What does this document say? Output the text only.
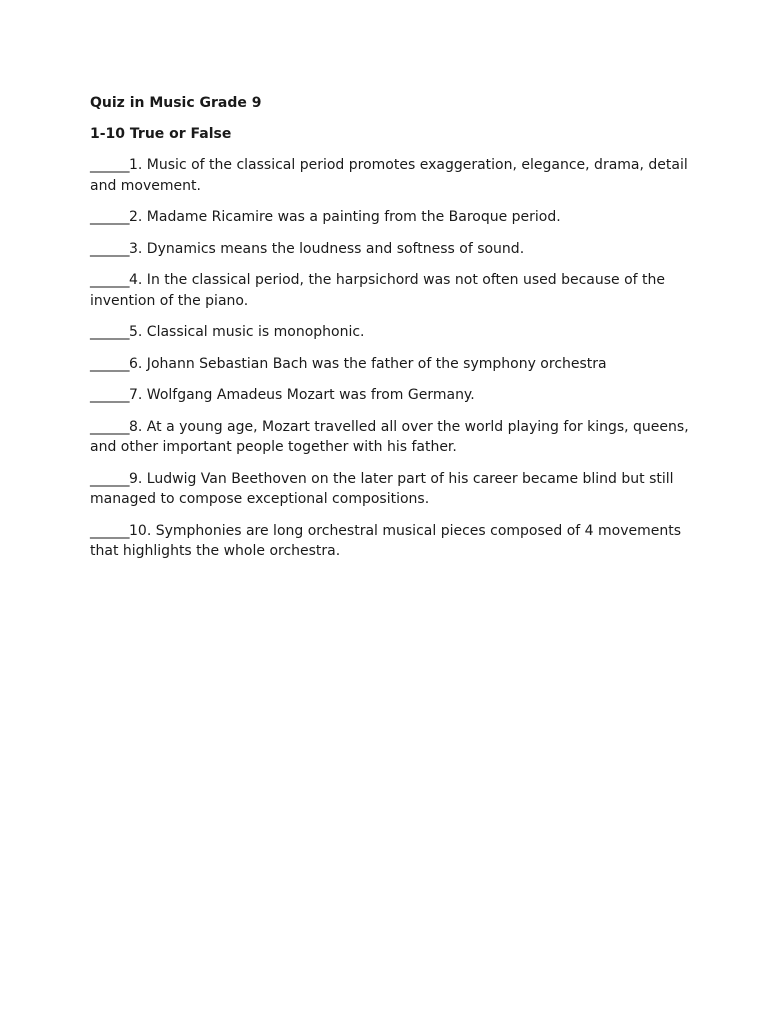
Quiz in Music Grade 9
1-10 True or False

______1. Music of the classical period promotes exaggeration, elegance, drama, detail and movement.

______2. Madame Ricamire was a painting from the Baroque period.

______3. Dynamics means the loudness and softness of sound.

______4. In the classical period, the harpsichord was not often used because of the invention of the piano.

______5. Classical music is monophonic.

______6. Johann Sebastian Bach was the father of the symphony orchestra

______7. Wolfgang Amadeus Mozart was from Germany.

______8. At a young age, Mozart travelled all over the world playing for kings, queens, and other important people together with his father.

______9. Ludwig Van Beethoven on the later part of his career became blind but still managed to compose exceptional compositions.

______10. Symphonies are long orchestral musical pieces composed of 4 movements that highlights the whole orchestra.
